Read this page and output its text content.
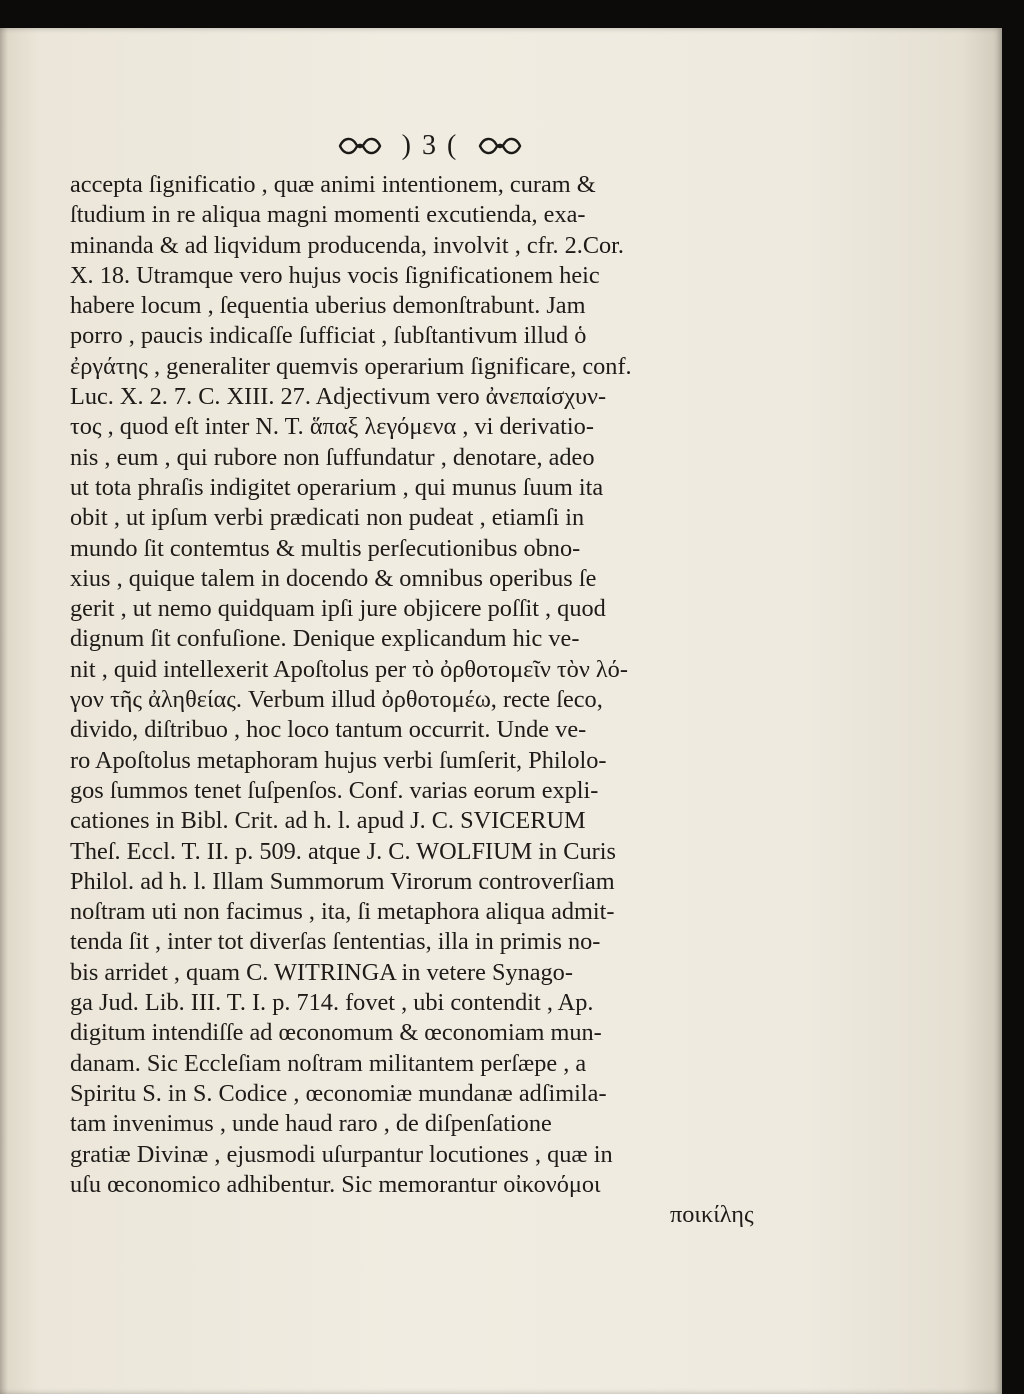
) 3 (
accepta ſignificatio , quæ animi intentionem, curam &
ſtudium in re aliqua magni momenti excutienda, exa-
minanda & ad liqvidum producenda, involvit , cfr. 2.Cor.
X. 18. Utramque vero hujus vocis ſignificationem heic
habere locum , ſequentia uberius demonſtrabunt. Jam
porro , paucis indicaſſe ſufficiat , ſubſtantivum illud ὁ
ἐργάτης , generaliter quemvis operarium ſignificare, conf.
Luc. X. 2. 7. C. XIII. 27. Adjectivum vero ἀνεπαίσχυν-
τος , quod eſt inter N. T. ἅπαξ λεγόμενα , vi derivatio-
nis , eum , qui rubore non ſuffundatur , denotare, adeo
ut tota phraſis indigitet operarium , qui munus ſuum ita
obit , ut ipſum verbi prædicati non pudeat , etiamſi in
mundo ſit contemtus & multis perſecutionibus obno-
xius , quique talem in docendo & omnibus operibus ſe
gerit , ut nemo quidquam ipſi jure objicere poſſit , quod
dignum ſit confuſione. Denique explicandum hic ve-
nit , quid intellexerit Apoſtolus per τὸ ὀρθοτομεῖν τὸν λό-
γον τῆς ἀληθείας. Verbum illud ὀρθοτομέω, recte ſeco,
divido, diſtribuo , hoc loco tantum occurrit. Unde ve-
ro Apoſtolus metaphoram hujus verbi ſumſerit, Philolo-
gos ſummos tenet ſuſpenſos. Conf. varias eorum expli-
cationes in Bibl. Crit. ad h. l. apud J. C. SVICERUM
Theſ. Eccl. T. II. p. 509. atque J. C. WOLFIUM in Curis
Philol. ad h. l. Illam Summorum Virorum controverſiam
noſtram uti non facimus , ita, ſi metaphora aliqua admit-
tenda ſit , inter tot diverſas ſententias, illa in primis no-
bis arridet , quam C. WITRINGA in vetere Synago-
ga Jud. Lib. III. T. I. p. 714. fovet , ubi contendit , Ap.
digitum intendiſſe ad œconomum & œconomiam mun-
danam. Sic Eccleſiam noſtram militantem perſæpe , a
Spiritu S. in S. Codice , œconomiæ mundanæ adſimila-
tam invenimus , unde haud raro , de diſpenſatione
gratiæ Divinæ , ejusmodi uſurpantur locutiones , quæ in
uſu œconomico adhibentur. Sic memorantur οἰκονόμοι
ποικίλης
